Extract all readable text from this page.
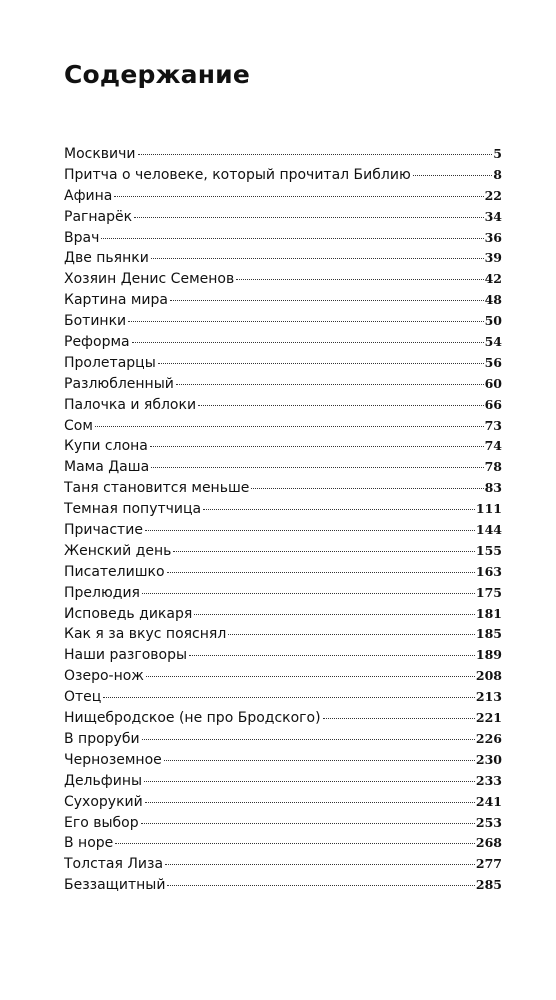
Содержание
Москвичи	5
Притча о человеке, который прочитал Библию	8
Афина	22
Рагнарёк	34
Врач	36
Две пьянки	39
Хозяин Денис Семенов	42
Картина мира	48
Ботинки	50
Реформа	54
Пролетарцы	56
Разлюбленный	60
Палочка и яблоки	66
Сом	73
Купи слона	74
Мама Даша	78
Таня становится меньше	83
Темная попутчица	111
Причастие	144
Женский день	155
Писателишко	163
Прелюдия	175
Исповедь дикаря	181
Как я за вкус пояснял	185
Наши разговоры	189
Озеро-нож	208
Отец	213
Нищебродское (не про Бродского)	221
В проруби	226
Черноземное	230
Дельфины	233
Сухорукий	241
Его выбор	253
В норе	268
Толстая Лиза	277
Беззащитный	285
